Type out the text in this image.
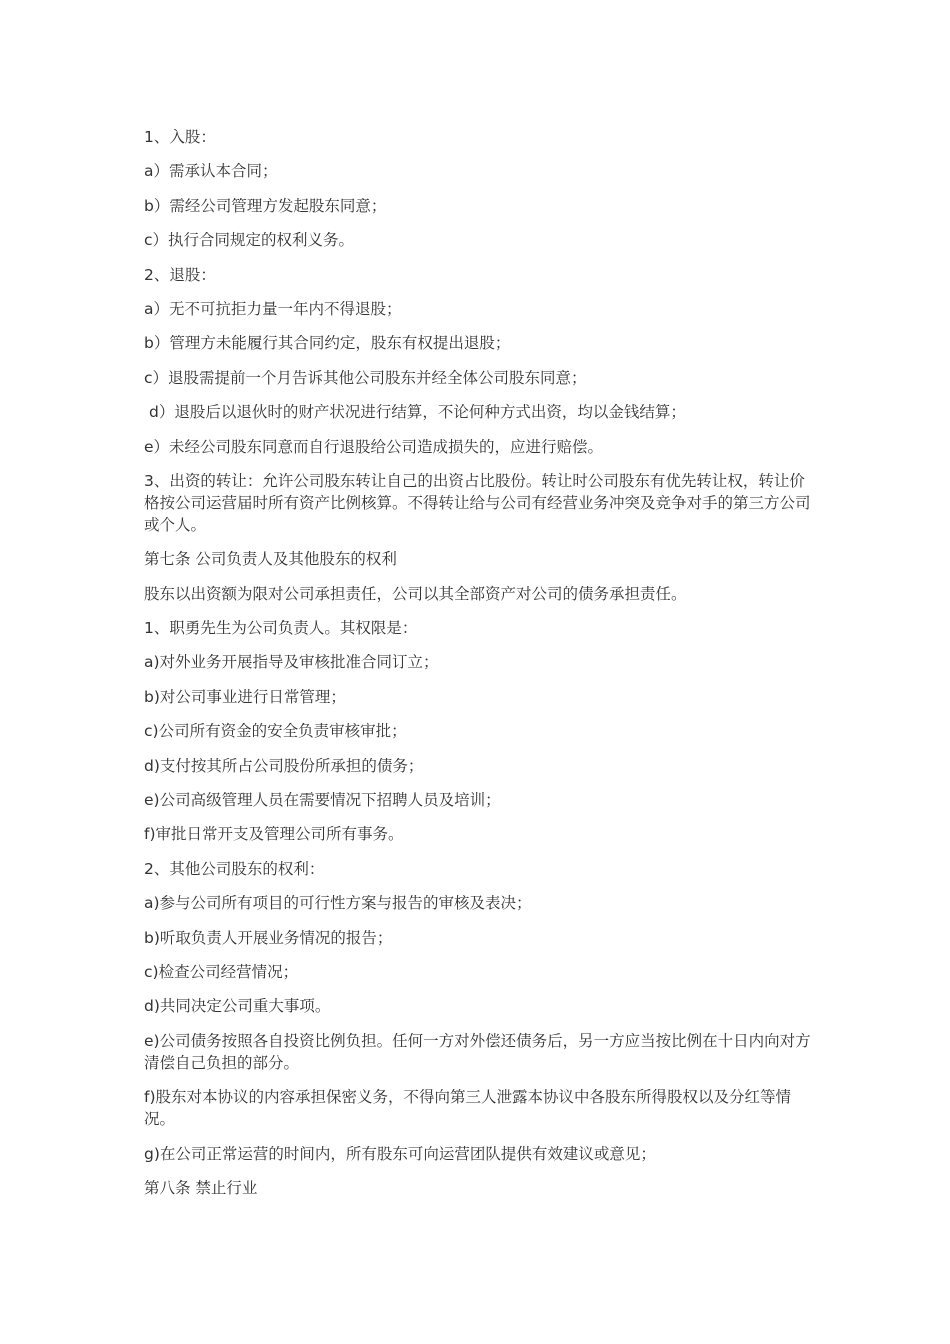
1、入股：

a）需承认本合同；

b）需经公司管理方发起股东同意；

c）执行合同规定的权利义务。

2、退股：

a）无不可抗拒力量一年内不得退股；

b）管理方未能履行其合同约定，股东有权提出退股；

c）退股需提前一个月告诉其他公司股东并经全体公司股东同意；

d）退股后以退伙时的财产状况进行结算，不论何种方式出资，均以金钱结算；

e）未经公司股东同意而自行退股给公司造成损失的，应进行赔偿。

3、出资的转让：允许公司股东转让自己的出资占比股份。转让时公司股东有优先转让权，转让价格按公司运营届时所有资产比例核算。不得转让给与公司有经营业务冲突及竞争对手的第三方公司或个人。

第七条 公司负责人及其他股东的权利

股东以出资额为限对公司承担责任，公司以其全部资产对公司的债务承担责任。

1、职勇先生为公司负责人。其权限是：

a)对外业务开展指导及审核批准合同订立；

b)对公司事业进行日常管理；

c)公司所有资金的安全负责审核审批；

d)支付按其所占公司股份所承担的债务；

e)公司高级管理人员在需要情况下招聘人员及培训；

f)审批日常开支及管理公司所有事务。

2、其他公司股东的权利：

a)参与公司所有项目的可行性方案与报告的审核及表决；

b)听取负责人开展业务情况的报告；

c)检查公司经营情况；

d)共同决定公司重大事项。

e)公司债务按照各自投资比例负担。任何一方对外偿还债务后，另一方应当按比例在十日内向对方清偿自己负担的部分。

f)股东对本协议的内容承担保密义务，不得向第三人泄露本协议中各股东所得股权以及分红等情况。

g)在公司正常运营的时间内，所有股东可向运营团队提供有效建议或意见；

第八条 禁止行业
